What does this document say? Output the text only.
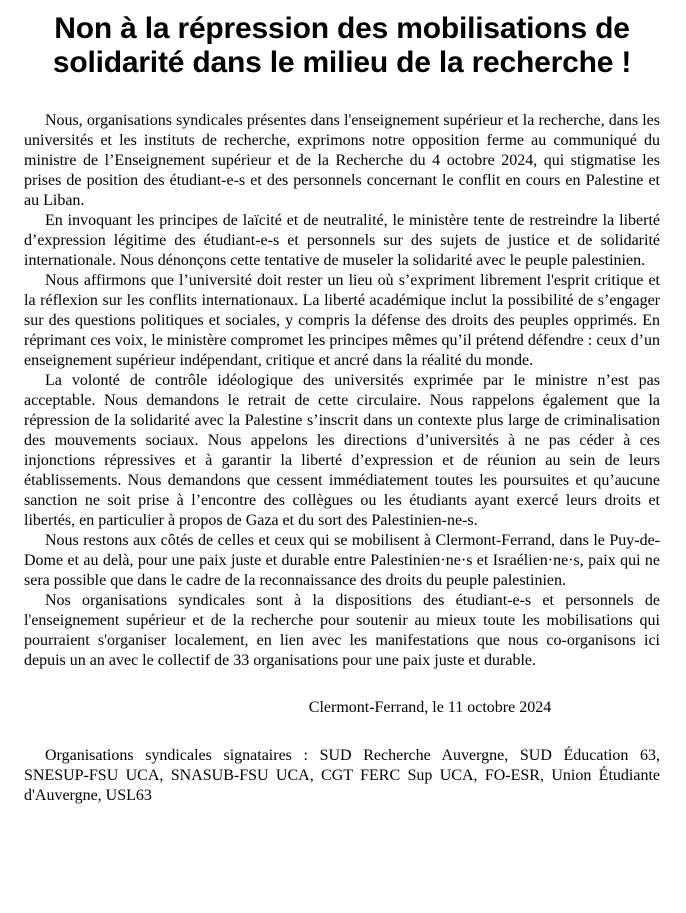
Non à la répression des mobilisations de
solidarité dans le milieu de la recherche !

Nous, organisations syndicales présentes dans l'enseignement supérieur et la recherche, dans les universités et les instituts de recherche, exprimons notre opposition ferme au communiqué du ministre de l’Enseignement supérieur et de la Recherche du 4 octobre 2024, qui stigmatise les prises de position des étudiant-e-s et des personnels concernant le conflit en cours en Palestine et au Liban.

En invoquant les principes de laïcité et de neutralité, le ministère tente de restreindre la liberté d’expression légitime des étudiant-e-s et personnels sur des sujets de justice et de solidarité internationale. Nous dénonçons cette tentative de museler la solidarité avec le peuple palestinien.

Nous affirmons que l’université doit rester un lieu où s’expriment librement l'esprit critique et la réflexion sur les conflits internationaux. La liberté académique inclut la possibilité de s’engager sur des questions politiques et sociales, y compris la défense des droits des peuples opprimés. En réprimant ces voix, le ministère compromet les principes mêmes qu’il prétend défendre : ceux d’un enseignement supérieur indépendant, critique et ancré dans la réalité du monde.

La volonté de contrôle idéologique des universités exprimée par le ministre n’est pas acceptable. Nous demandons le retrait de cette circulaire. Nous rappelons également que la répression de la solidarité avec la Palestine s’inscrit dans un contexte plus large de criminalisation des mouvements sociaux. Nous appelons les directions d’universités à ne pas céder à ces injonctions répressives et à garantir la liberté d’expression et de réunion au sein de leurs établissements. Nous demandons que cessent immédiatement toutes les poursuites et qu’aucune sanction ne soit prise à l’encontre des collègues ou les étudiants ayant exercé leurs droits et libertés, en particulier à propos de Gaza et du sort des Palestinien-ne-s.

Nous restons aux côtés de celles et ceux qui se mobilisent à Clermont-Ferrand, dans le Puy-de-Dome et au delà, pour une paix juste et durable entre Palestinien·ne·s et Israélien·ne·s, paix qui ne sera possible que dans le cadre de la reconnaissance des droits du peuple palestinien.

Nos organisations syndicales sont à la dispositions des étudiant-e-s et personnels de l'enseignement supérieur et de la recherche pour soutenir au mieux toute les mobilisations qui pourraient s'organiser localement, en lien avec les manifestations que nous co-organisons ici depuis un an avec le collectif de 33 organisations pour une paix juste et durable.

Clermont-Ferrand, le 11 octobre 2024

Organisations syndicales signataires : SUD Recherche Auvergne, SUD Éducation 63, SNESUP-FSU UCA, SNASUB-FSU UCA, CGT FERC Sup UCA, FO-ESR, Union Étudiante d'Auvergne, USL63
